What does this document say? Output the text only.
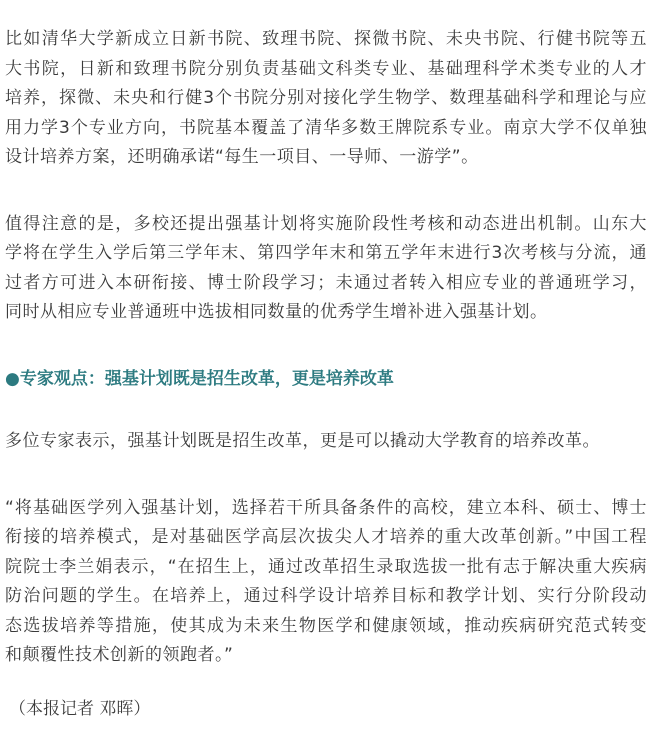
比如清华大学新成立日新书院、致理书院、探微书院、未央书院、行健书院等五
大书院，日新和致理书院分别负责基础文科类专业、基础理科学术类专业的人才
培养，探微、未央和行健3个书院分别对接化学生物学、数理基础科学和理论与应
用力学3个专业方向，书院基本覆盖了清华多数王牌院系专业。南京大学不仅单独
设计培养方案，还明确承诺“每生一项目、一导师、一游学”。
值得注意的是，多校还提出强基计划将实施阶段性考核和动态进出机制。山东大
学将在学生入学后第三学年末、第四学年末和第五学年末进行3次考核与分流，通
过者方可进入本研衔接、博士阶段学习；未通过者转入相应专业的普通班学习，
同时从相应专业普通班中选拔相同数量的优秀学生增补进入强基计划。
●专家观点：强基计划既是招生改革，更是培养改革
多位专家表示，强基计划既是招生改革，更是可以撬动大学教育的培养改革。
“将基础医学列入强基计划，选择若干所具备条件的高校，建立本科、硕士、博士
衔接的培养模式，是对基础医学高层次拔尖人才培养的重大改革创新。”中国工程
院院士李兰娟表示，“在招生上，通过改革招生录取选拔一批有志于解决重大疾病
防治问题的学生。在培养上，通过科学设计培养目标和教学计划、实行分阶段动
态选拔培养等措施，使其成为未来生物医学和健康领域，推动疾病研究范式转变
和颠覆性技术创新的领跑者。”
（本报记者 邓晖）
